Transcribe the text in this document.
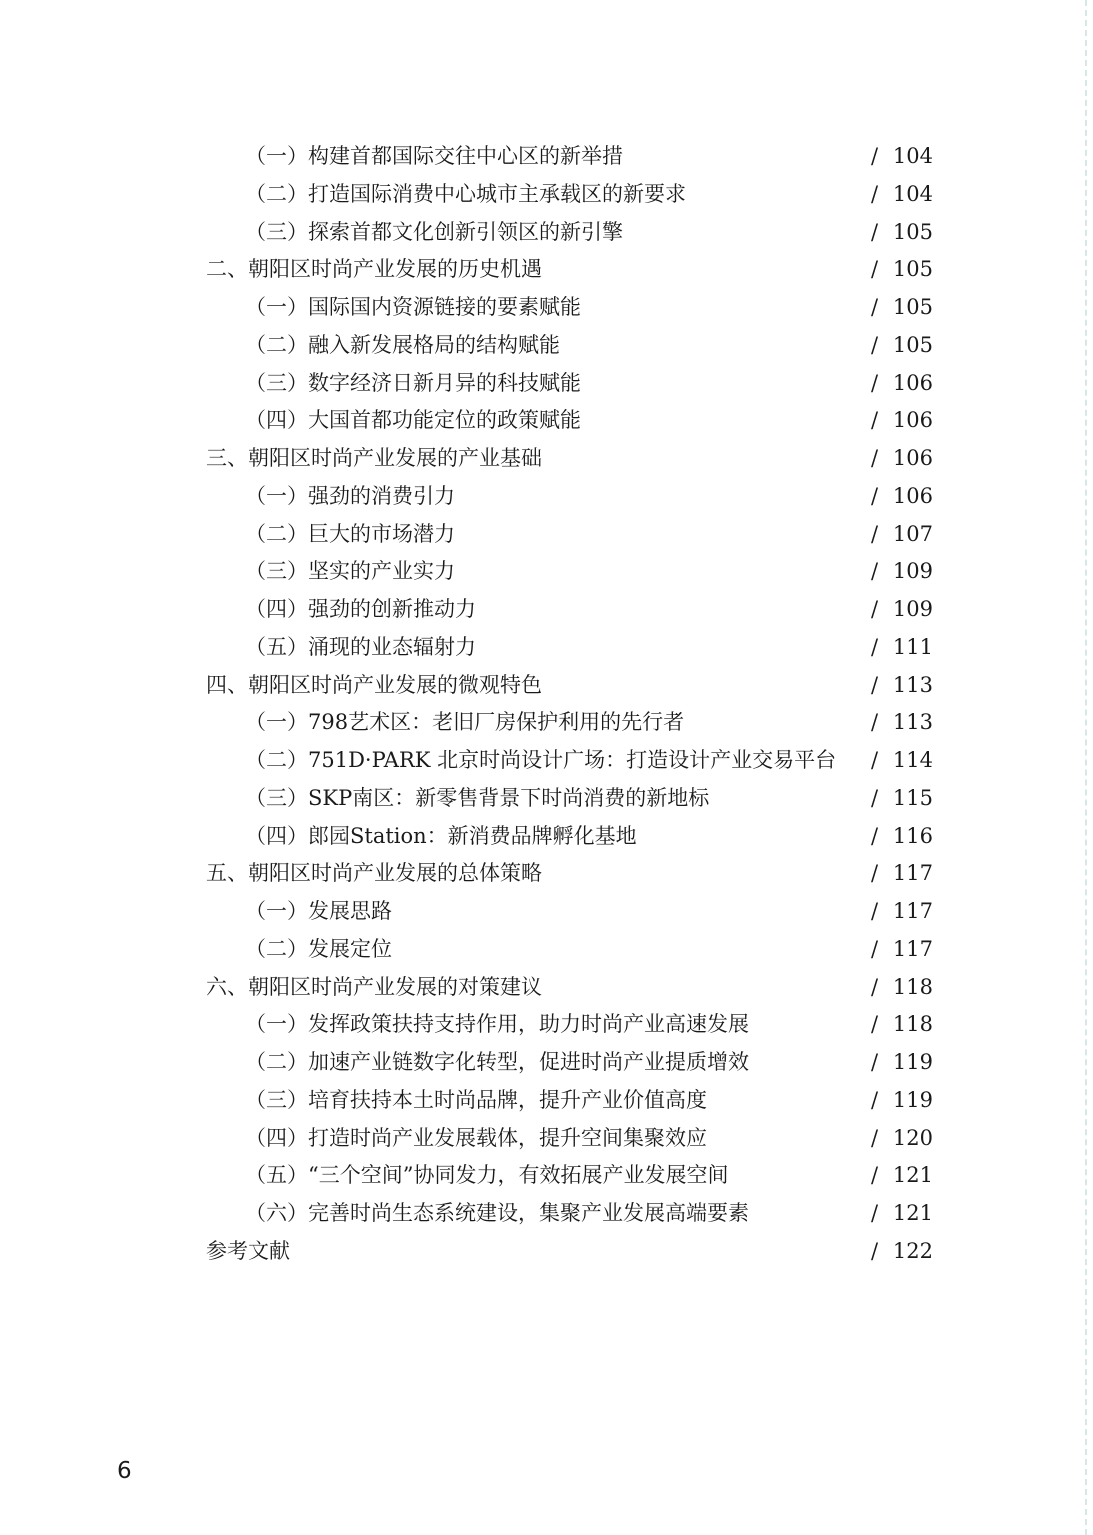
（一）构建首都国际交往中心区的新举措	/ 104
（二）打造国际消费中心城市主承载区的新要求	/ 104
（三）探索首都文化创新引领区的新引擎	/ 105
二、朝阳区时尚产业发展的历史机遇	/ 105
（一）国际国内资源链接的要素赋能	/ 105
（二）融入新发展格局的结构赋能	/ 105
（三）数字经济日新月异的科技赋能	/ 106
（四）大国首都功能定位的政策赋能	/ 106
三、朝阳区时尚产业发展的产业基础	/ 106
（一）强劲的消费引力	/ 106
（二）巨大的市场潜力	/ 107
（三）坚实的产业实力	/ 109
（四）强劲的创新推动力	/ 109
（五）涌现的业态辐射力	/ 111
四、朝阳区时尚产业发展的微观特色	/ 113
（一）798艺术区：老旧厂房保护利用的先行者	/ 113
（二）751D·PARK 北京时尚设计广场：打造设计产业交易平台 / 114
（三）SKP南区：新零售背景下时尚消费的新地标	/ 115
（四）郎园Station：新消费品牌孵化基地	/ 116
五、朝阳区时尚产业发展的总体策略	/ 117
（一）发展思路	/ 117
（二）发展定位	/ 117
六、朝阳区时尚产业发展的对策建议	/ 118
（一）发挥政策扶持支持作用，助力时尚产业高速发展	/ 118
（二）加速产业链数字化转型，促进时尚产业提质增效	/ 119
（三）培育扶持本土时尚品牌，提升产业价值高度	/ 119
（四）打造时尚产业发展载体，提升空间集聚效应	/ 120
（五）“三个空间”协同发力，有效拓展产业发展空间	/ 121
（六）完善时尚生态系统建设，集聚产业发展高端要素	/ 121
参考文献	/ 122
6
